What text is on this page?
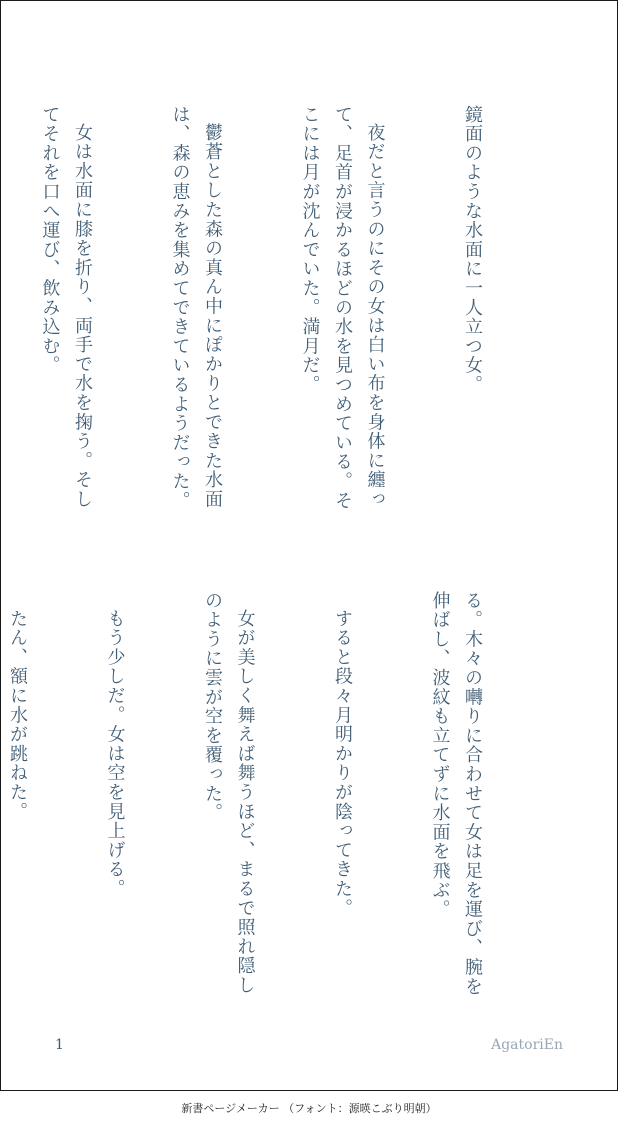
鏡面のような水面に一人立つ女。

夜だと言うのにその女は白い布を身体に纏って、足首が浸かるほどの水を見つめている。そこには月が沈んでいた。満月だ。

鬱蒼とした森の真ん中にぽかりとできた水面は、森の恵みを集めてできているようだった。

女は水面に膝を折り、両手で水を掬う。そしてそれを口へ運び、飲み込む。

る。木々の囀りに合わせて女は足を運び、腕を伸ばし、波紋も立てずに水面を飛ぶ。

すると段々月明かりが陰ってきた。

女が美しく舞えば舞うほど、まるで照れ隠しのように雲が空を覆った。

もう少しだ。女は空を見上げる。

たん、額に水が跳ねた。

1	AgatoriEn
新書ページメーカー （フォント：源暎こぶり明朝）
